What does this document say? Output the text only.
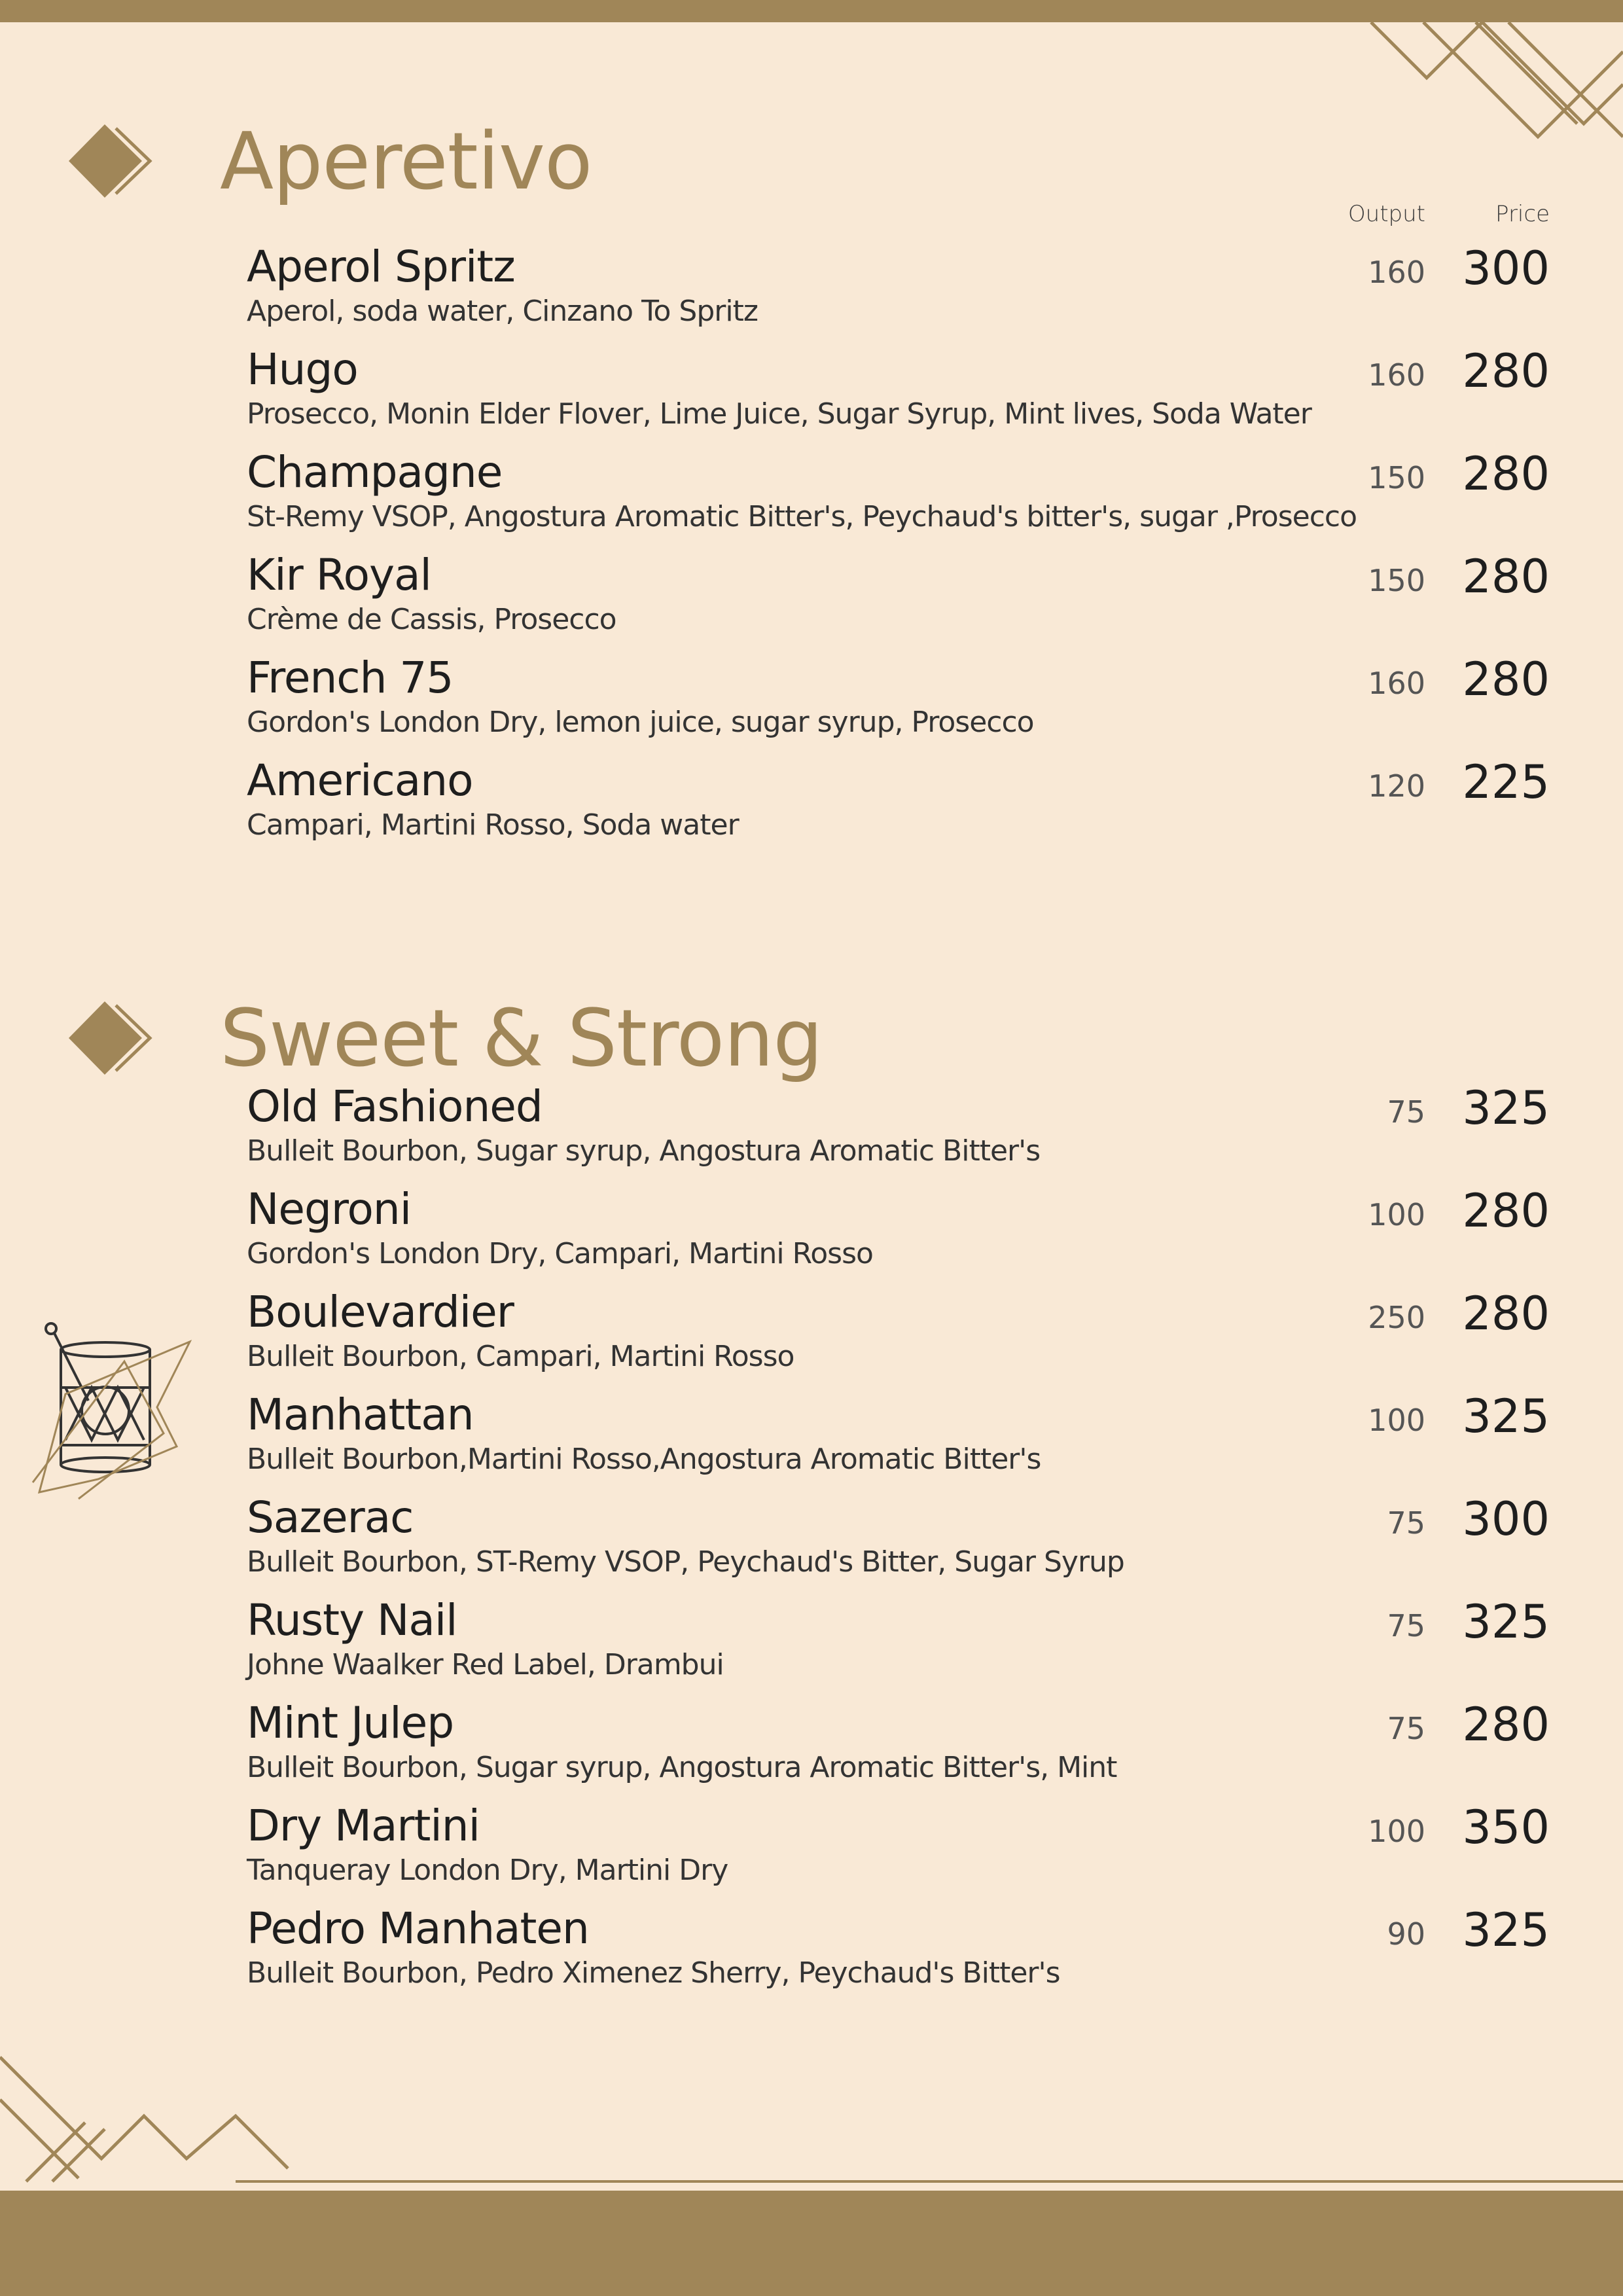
Aperetivo
Output	Price
Aperol Spritz

Aperol, soda water, Cinzano To Spritz

160 300
Hugo

Prosecco, Monin Elder Flover, Lime Juice, Sugar Syrup, Mint lives, Soda Water

160 280
Champagne

St-Remy VSOP, Angostura Aromatic Bitter's, Peychaud's bitter's, sugar ,Prosecco

150 280
Kir Royal

Crème de Cassis, Prosecco

150 280
French 75

Gordon's London Dry, lemon juice, sugar syrup, Prosecco

160 280
Americano

Campari, Martini Rosso, Soda water

120 225
Sweet & Strong
Old Fashioned

Bulleit Bourbon, Sugar syrup, Angostura Aromatic Bitter's

75 325
Negroni

Gordon's London Dry, Campari, Martini Rosso

100 280
Boulevardier

Bulleit Bourbon, Campari, Martini Rosso

250 280
Manhattan

Bulleit Bourbon,Martini Rosso,Angostura Aromatic Bitter's

100 325
Sazerac

Bulleit Bourbon, ST-Remy VSOP, Peychaud's Bitter, Sugar Syrup

75 300
Rusty Nail

Johne Waalker Red Label, Drambui

75 325
Mint Julep

Bulleit Bourbon, Sugar syrup, Angostura Aromatic Bitter's, Mint

75 280
Dry Martini

Tanqueray London Dry, Martini Dry

100 350
Pedro Manhaten

Bulleit Bourbon, Pedro Ximenez Sherry, Peychaud's Bitter's

90 325
